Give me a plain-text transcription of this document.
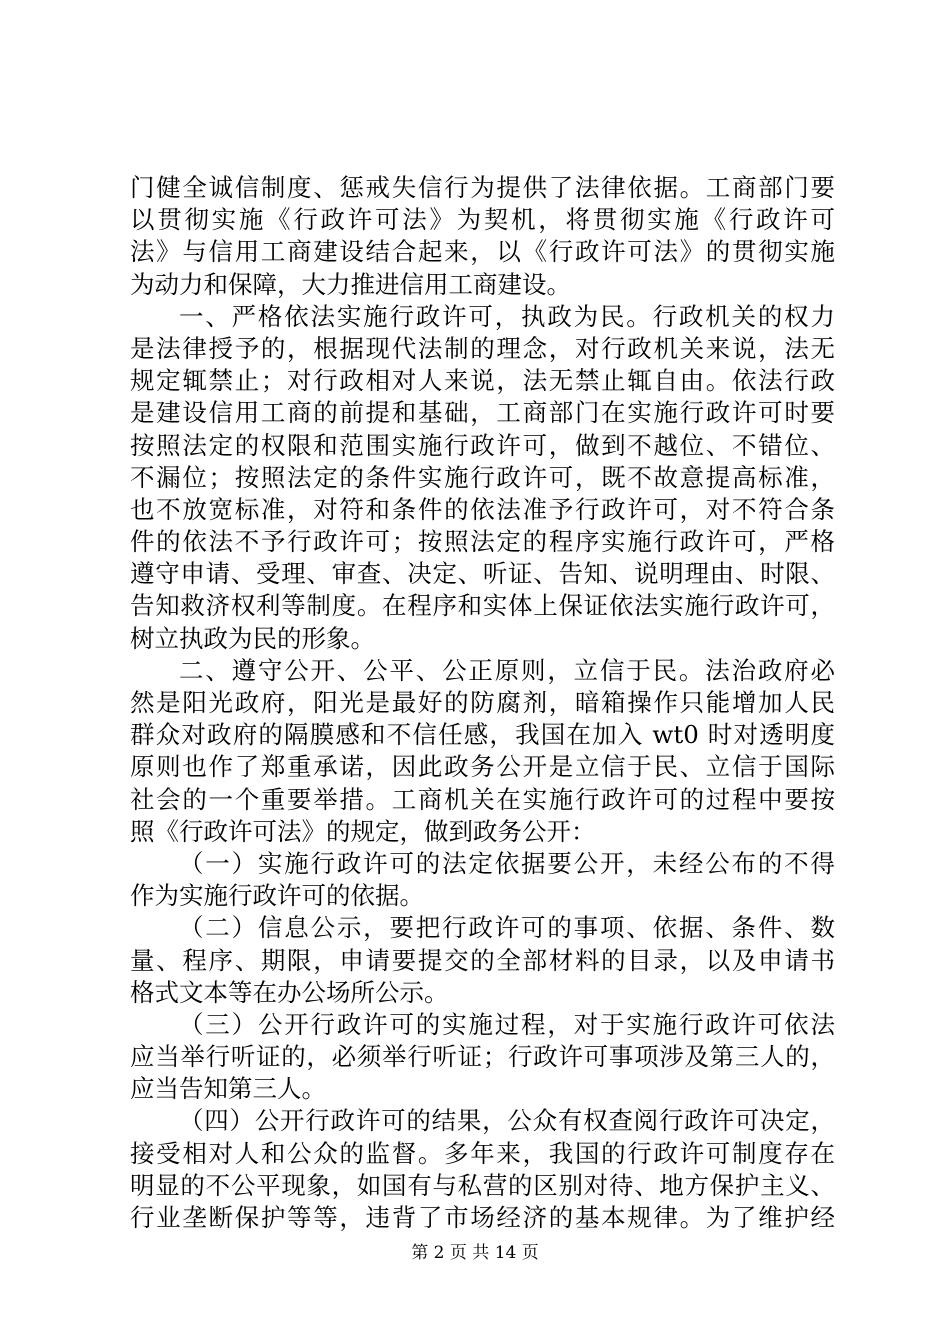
门健全诚信制度、惩戒失信行为提供了法律依据。工商部门要
以贯彻实施《行政许可法》为契机，将贯彻实施《行政许可
法》与信用工商建设结合起来，以《行政许可法》的贯彻实施
为动力和保障，大力推进信用工商建设。
一、严格依法实施行政许可，执政为民。行政机关的权力
是法律授予的，根据现代法制的理念，对行政机关来说，法无
规定辄禁止；对行政相对人来说，法无禁止辄自由。依法行政
是建设信用工商的前提和基础，工商部门在实施行政许可时要
按照法定的权限和范围实施行政许可，做到不越位、不错位、
不漏位；按照法定的条件实施行政许可，既不故意提高标准，
也不放宽标准，对符和条件的依法准予行政许可，对不符合条
件的依法不予行政许可；按照法定的程序实施行政许可，严格
遵守申请、受理、审查、决定、听证、告知、说明理由、时限、
告知救济权利等制度。在程序和实体上保证依法实施行政许可，
树立执政为民的形象。
二、遵守公开、公平、公正原则，立信于民。法治政府必
然是阳光政府，阳光是最好的防腐剂，暗箱操作只能增加人民
群众对政府的隔膜感和不信任感，我国在加入 wt0 时对透明度
原则也作了郑重承诺，因此政务公开是立信于民、立信于国际
社会的一个重要举措。工商机关在实施行政许可的过程中要按
照《行政许可法》的规定，做到政务公开：
（一）实施行政许可的法定依据要公开，未经公布的不得
作为实施行政许可的依据。
（二）信息公示，要把行政许可的事项、依据、条件、数
量、程序、期限，申请要提交的全部材料的目录，以及申请书
格式文本等在办公场所公示。
（三）公开行政许可的实施过程，对于实施行政许可依法
应当举行听证的，必须举行听证；行政许可事项涉及第三人的，
应当告知第三人。
（四）公开行政许可的结果，公众有权查阅行政许可决定，
接受相对人和公众的监督。多年来，我国的行政许可制度存在
明显的不公平现象，如国有与私营的区别对待、地方保护主义、
行业垄断保护等等，违背了市场经济的基本规律。为了维护经
第 2 页 共 14 页
